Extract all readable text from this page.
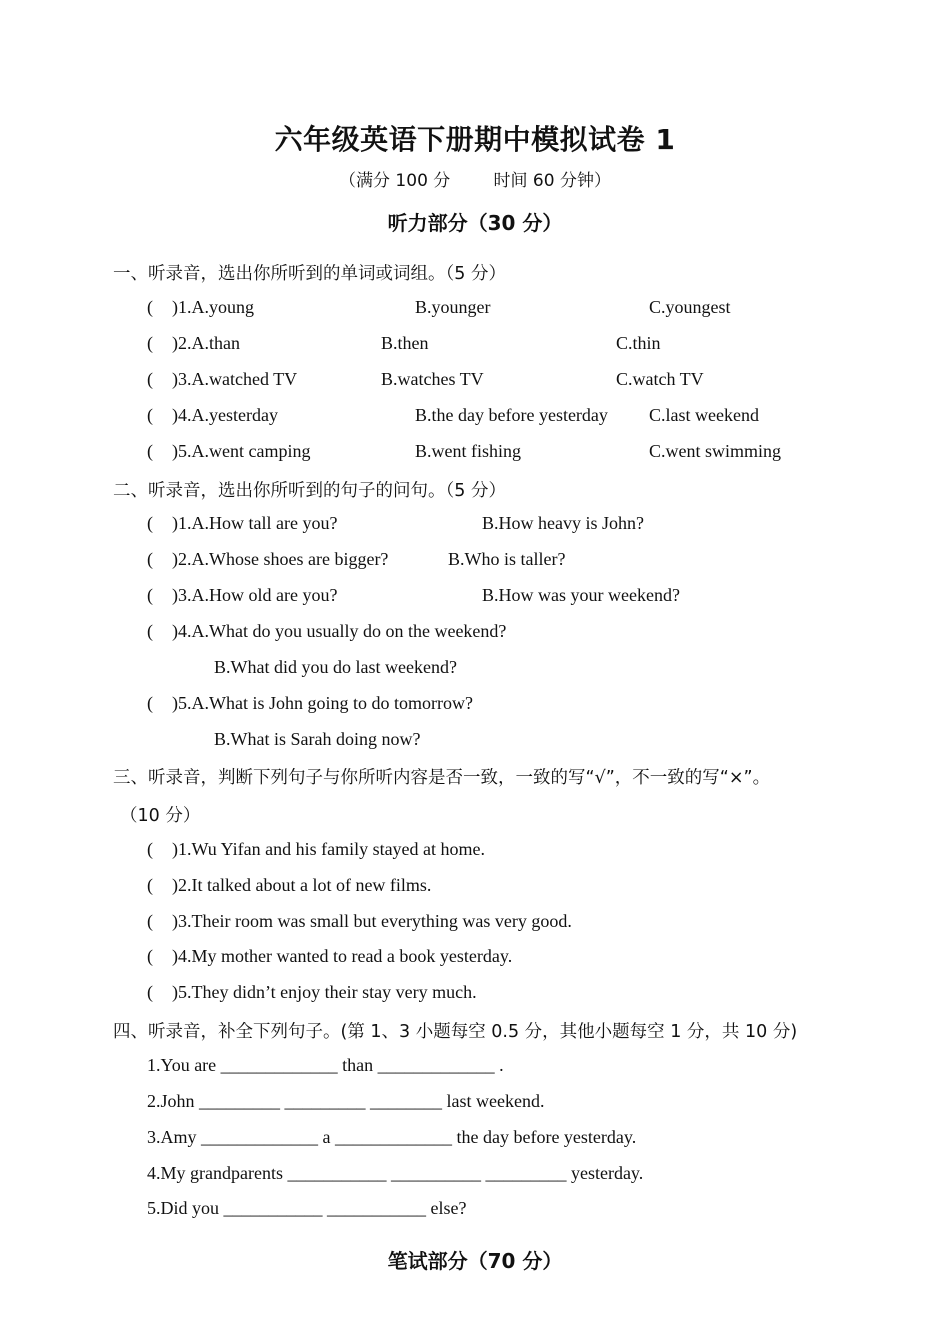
六年级英语下册期中模拟试卷 1
（满分 100 分        时间 60 分钟）
听力部分（30 分）
一、听录音，选出你所听到的单词或词组。（5 分）
( )1.A.young	B.younger	C.youngest
( )2.A.than	B.then	C.thin
( )3.A.watched TV	B.watches TV	C.watch TV
( )4.A.yesterday	B.the day before yesterday C.last weekend
( )5.A.went camping	B.went fishing	C.went swimming
二、听录音，选出你所听到的句子的问句。（5 分）
( )1.A.How tall are you?	B.How heavy is John?
( )2.A.Whose shoes are bigger?	B.Who is taller?
( )3.A.How old are you?	B.How was your weekend?
( )4.A.What do you usually do on the weekend?
B.What did you do last weekend?
( )5.A.What is John going to do tomorrow?
B.What is Sarah doing now?
三、听录音，判断下列句子与你所听内容是否一致，一致的写“√”，不一致的写“×”。
（10 分）
( )1.Wu Yifan and his family stayed at home.
( )2.It talked about a lot of new films.
( )3.Their room was small but everything was very good.
( )4.My mother wanted to read a book yesterday.
( )5.They didn’t enjoy their stay very much.
四、听录音，补全下列句子。(第 1、3 小题每空 0.5 分，其他小题每空 1 分，共 10 分)
1.You are _____________ than _____________ .
2.John _________ _________ ________ last weekend.
3.Amy _____________ a _____________ the day before yesterday.
4.My grandparents ___________ __________ _________ yesterday.
5.Did you ___________ ___________ else?
笔试部分（70 分）
